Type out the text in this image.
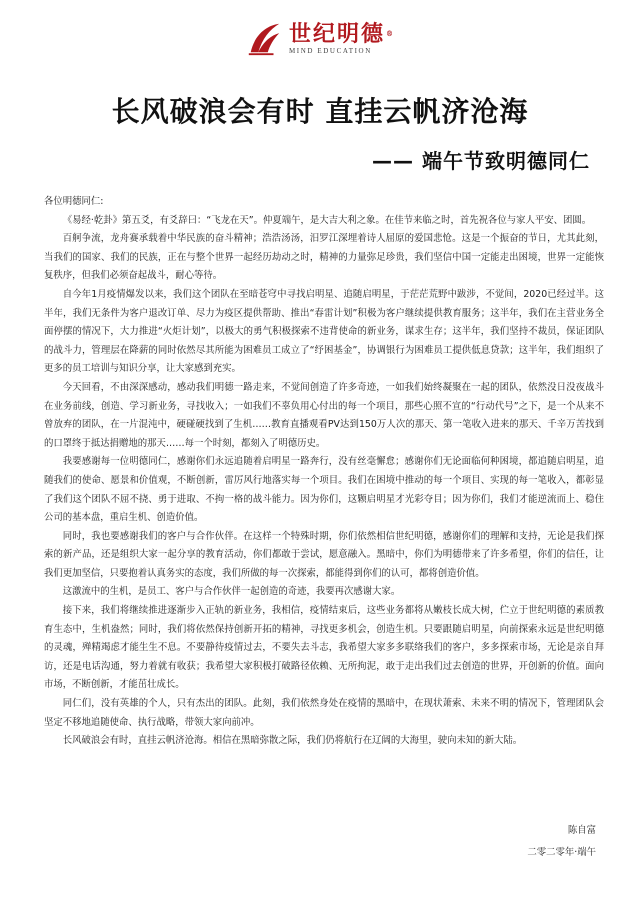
世纪明德®
MIND EDUCATION
长风破浪会有时 直挂云帆济沧海
—— 端午节致明德同仁

各位明德同仁:

《易经·乾卦》第五爻，有爻辞曰：“飞龙在天”。仲夏端午，是大吉大利之象。在佳节来临之时，首先祝各位与家人平安、团圆。

百舸争流，龙舟赛承载着中华民族的奋斗精神；浩浩汤汤，汨罗江深埋着诗人屈原的爱国悲怆。这是一个振奋的节日，尤其此刻，当我们的国家、我们的民族，正在与整个世界一起经历劫动之时，精神的力量弥足珍贵，我们坚信中国一定能走出困境，世界一定能恢复秩序，但我们必须奋起战斗，耐心等待。

自今年1月疫情爆发以来，我们这个团队在至暗苍穹中寻找启明星、追随启明星，于茫茫荒野中跋涉，不觉间，2020已经过半。这半年，我们无条件为客户退改订单、尽力为疫区提供帮助、推出“春雷计划”积极为客户继续提供教育服务；这半年，我们在主营业务全面停摆的情况下，大力推进“火炬计划”，以极大的勇气积极探索不违背使命的新业务，谋求生存；这半年，我们坚持不裁员，保证团队的战斗力，管理层在降薪的同时依然尽其所能为困难员工成立了“纾困基金”，协调银行为困难员工提供低息贷款；这半年，我们组织了更多的员工培训与知识分享，让大家感到充实。

今天回看，不由深深感动，感动我们明德一路走来，不觉间创造了许多奇迹，一如我们始终凝聚在一起的团队，依然没日没夜战斗在业务前线，创造、学习新业务，寻找收入；一如我们不辜负用心付出的每一个项目，那些心照不宣的“行动代号”之下，是一个从来不曾放弃的团队，在一片混沌中，硬碰硬找到了生机……教育直播观看PV达到150万人次的那天、第一笔收入进来的那天、千辛万苦找到的口罩终于抵达捐赠地的那天……每一个时刻，都刻入了明德历史。

我要感谢每一位明德同仁，感谢你们永远追随着启明星一路奔行，没有丝毫懈怠；感谢你们无论面临何种困境，都追随启明星，追随我们的使命、愿景和价值观，不断创新，雷厉风行地落实每一个项目。我们在困境中推动的每一个项目、实现的每一笔收入，都彰显了我们这个团队不屈不挠、勇于进取、不拘一格的战斗能力。因为你们，这颗启明星才光彩夺目；因为你们，我们才能逆流而上、稳住公司的基本盘，重启生机、创造价值。

同时，我也要感谢我们的客户与合作伙伴。在这样一个特殊时期，你们依然相信世纪明德，感谢你们的理解和支持，无论是我们探索的新产品，还是组织大家一起分享的教育活动，你们都敢于尝试，愿意融入。黑暗中，你们为明德带来了许多希望，你们的信任，让我们更加坚信，只要抱着认真务实的态度，我们所做的每一次探索，都能得到你们的认可，都将创造价值。

这激流中的生机，是员工、客户与合作伙伴一起创造的奇迹，我要再次感谢大家。

接下来，我们将继续推进逐渐步入正轨的新业务，我相信，疫情结束后，这些业务都将从嫩枝长成大树，伫立于世纪明德的素质教育生态中，生机盎然；同时，我们将依然保持创新开拓的精神，寻找更多机会，创造生机。只要跟随启明星，向前探索永远是世纪明德的灵魂，殚精竭虑才能生生不息。不要静待疫情过去，不要失去斗志，我希望大家多多联络我们的客户，多多探索市场，无论是亲自拜访，还是电话沟通，努力着就有收获；我希望大家积极打破路径依赖、无所拘泥，敢于走出我们过去创造的世界，开创新的价值。面向市场，不断创新，才能茁壮成长。

同仁们，没有英雄的个人，只有杰出的团队。此刻，我们依然身处在疫情的黑暗中，在现状萧索、未来不明的情况下，管理团队会坚定不移地追随使命、执行战略，带领大家向前冲。

长风破浪会有时，直挂云帆济沧海。相信在黑暗弥散之际，我们仍将航行在辽阔的大海里，驶向未知的新大陆。

陈自富
二零二零年·端午
